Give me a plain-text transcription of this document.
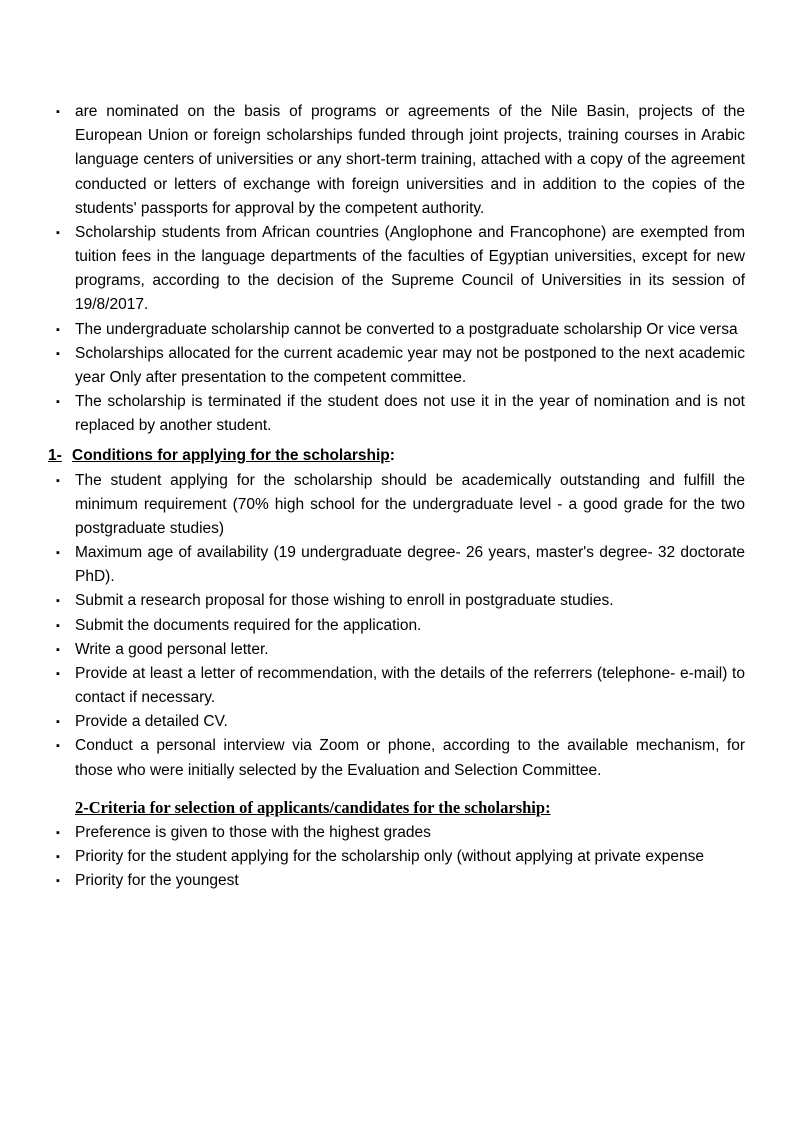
▪ are nominated on the basis of programs or agreements of the Nile Basin, projects of the European Union or foreign scholarships funded through joint projects, training courses in Arabic language centers of universities or any short-term training, attached with a copy of the agreement conducted or letters of exchange with foreign universities and in addition to the copies of the students' passports for approval by the competent authority.
▪ Scholarship students from African countries (Anglophone and Francophone) are exempted from tuition fees in the language departments of the faculties of Egyptian universities, except for new programs, according to the decision of the Supreme Council of Universities in its session of 19/8/2017.
▪ The undergraduate scholarship cannot be converted to a postgraduate scholarship Or vice versa
▪ Scholarships allocated for the current academic year may not be postponed to the next academic year Only after presentation to the competent committee.
▪ The scholarship is terminated if the student does not use it in the year of nomination and is not replaced by another student.
1- Conditions for applying for the scholarship:
▪ The student applying for the scholarship should be academically outstanding and fulfill the minimum requirement (70% high school for the undergraduate level - a good grade for the two postgraduate studies)
▪ Maximum age of availability (19 undergraduate degree- 26 years, master's degree- 32 doctorate PhD).
▪ Submit a research proposal for those wishing to enroll in postgraduate studies.
▪ Submit the documents required for the application.
▪ Write a good personal letter.
▪ Provide at least a letter of recommendation, with the details of the referrers (telephone- e-mail) to contact if necessary.
▪ Provide a detailed CV.
▪ Conduct a personal interview via Zoom or phone, according to the available mechanism, for those who were initially selected by the Evaluation and Selection Committee.
2-Criteria for selection of applicants/candidates for the scholarship:
▪ Preference is given to those with the highest grades
▪ Priority for the student applying for the scholarship only (without applying at private expense
▪ Priority for the youngest
